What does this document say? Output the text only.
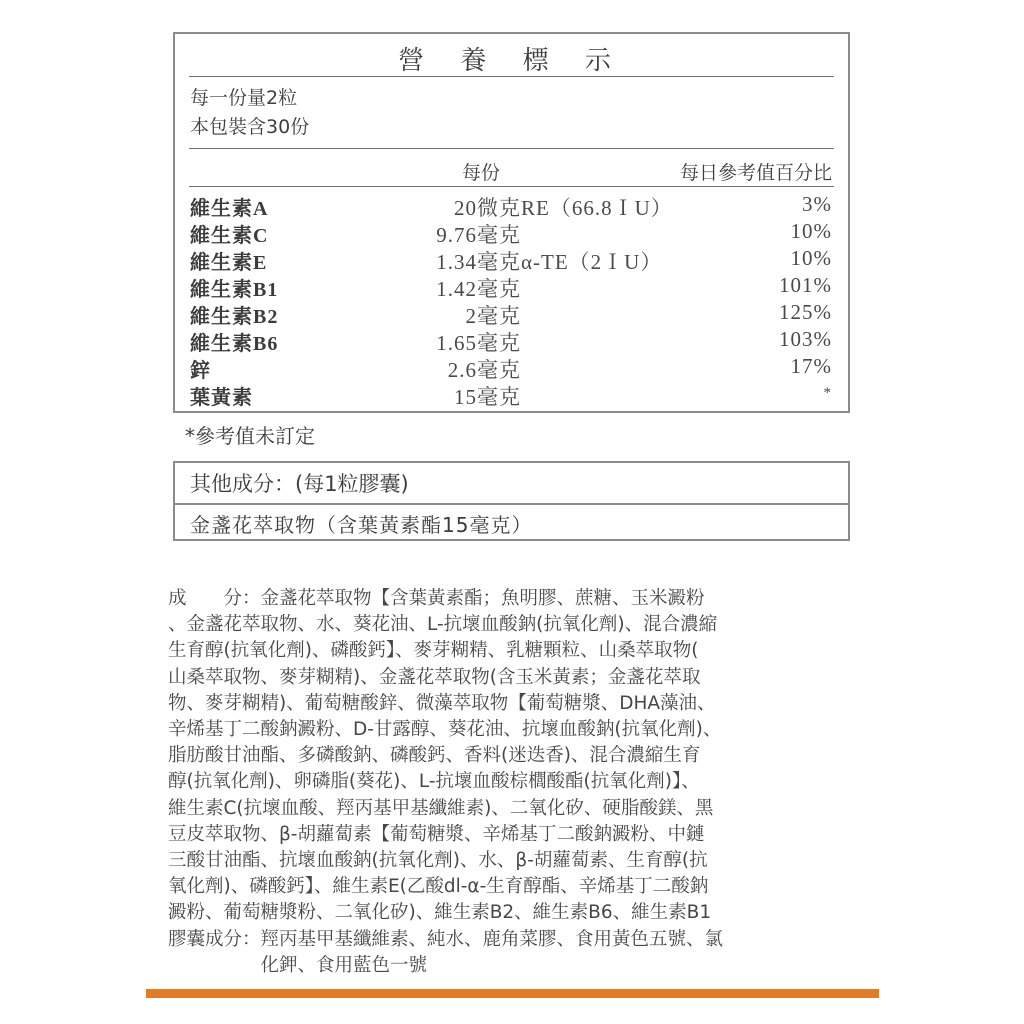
營 養 標 示
每一份量2粒
本包裝含30份
每份	每日參考值百分比
維生素A	20微克 RE（66.8ＩU）	3%
維生素C	9.76毫克	10%
維生素E	1.34毫克 α-TE（2ＩU）	10%
維生素B1	1.42毫克	101%
維生素B2	2毫克	125%
維生素B6	1.65毫克	103%
鋅	2.6毫克	17%
葉黃素	15毫克	*
*參考值未訂定
其他成分：(每1粒膠囊)
金盞花萃取物（含葉黃素酯15毫克）
成　　分：金盞花萃取物【含葉黃素酯；魚明膠、蔗糖、玉米澱粉
、金盞花萃取物、水、葵花油、L-抗壞血酸鈉(抗氧化劑)、混合濃縮
生育醇(抗氧化劑)、磷酸鈣】、麥芽糊精、乳糖顆粒、山桑萃取物(
山桑萃取物、麥芽糊精)、金盞花萃取物(含玉米黃素；金盞花萃取
物、麥芽糊精)、葡萄糖酸鋅、微藻萃取物【葡萄糖漿、DHA藻油、
辛烯基丁二酸鈉澱粉、D-甘露醇、葵花油、抗壞血酸鈉(抗氧化劑)、
脂肪酸甘油酯、多磷酸鈉、磷酸鈣、香料(迷迭香)、混合濃縮生育
醇(抗氧化劑)、卵磷脂(葵花)、L-抗壞血酸棕櫚酸酯(抗氧化劑)】、
維生素C(抗壞血酸、羥丙基甲基纖維素)、二氧化矽、硬脂酸鎂、黑
豆皮萃取物、β-胡蘿蔔素【葡萄糖漿、辛烯基丁二酸鈉澱粉、中鏈
三酸甘油酯、抗壞血酸鈉(抗氧化劑)、水、β-胡蘿蔔素、生育醇(抗
氧化劑)、磷酸鈣】、維生素E(乙酸dl-α-生育醇酯、辛烯基丁二酸鈉
澱粉、葡萄糖漿粉、二氧化矽)、維生素B2、維生素B6、維生素B1
膠囊成分：羥丙基甲基纖維素、純水、鹿角菜膠、食用黃色五號、氯
　　　　　化鉀、食用藍色一號
